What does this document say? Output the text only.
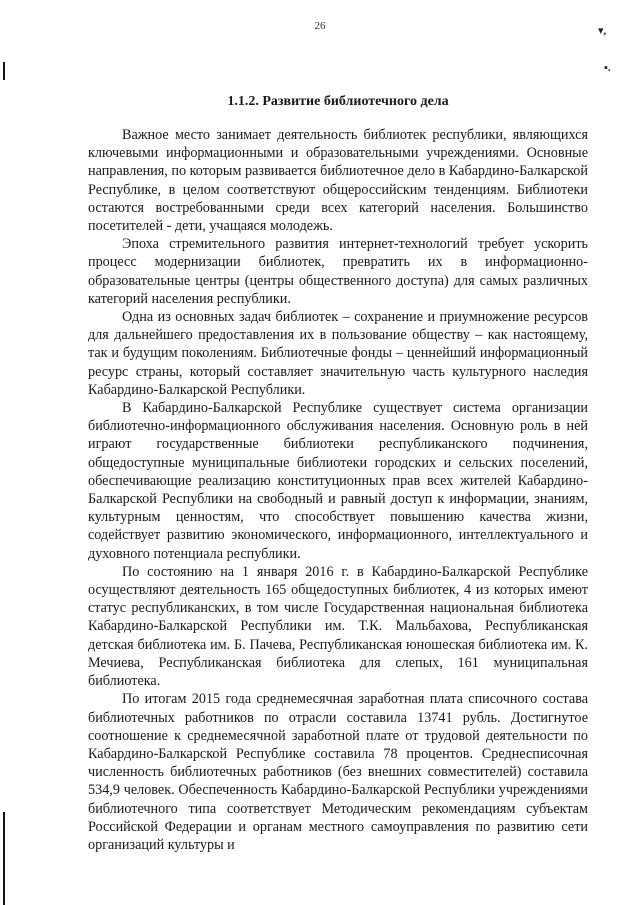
26	▾,
▪.
1.1.2. Развитие библиотечного дела

Важное место занимает деятельность библиотек республики, являющихся ключевыми информационными и образовательными учреждениями. Основные направления, по которым развивается библиотечное дело в Кабардино-Балкарской Республике, в целом соответствуют общероссийским тенденциям. Библиотеки остаются востребованными среди всех категорий населения. Большинство посетителей - дети, учащаяся молодежь.

Эпоха стремительного развития интернет-технологий требует ускорить процесс модернизации библиотек, превратить их в информационно-образовательные центры (центры общественного доступа) для самых различных категорий населения республики.

Одна из основных задач библиотек – сохранение и приумножение ресурсов для дальнейшего предоставления их в пользование обществу – как настоящему, так и будущим поколениям. Библиотечные фонды – ценнейший информационный ресурс страны, который составляет значительную часть культурного наследия Кабардино-Балкарской Республики.

В Кабардино-Балкарской Республике существует система организации библиотечно-информационного обслуживания населения. Основную роль в ней играют государственные библиотеки республиканского подчинения, общедоступные муниципальные библиотеки городских и сельских поселений, обеспечивающие реализацию конституционных прав всех жителей Кабардино-Балкарской Республики на свободный и равный доступ к информации, знаниям, культурным ценностям, что способствует повышению качества жизни, содействует развитию экономического, информационного, интеллектуального и духовного потенциала республики.

По состоянию на 1 января 2016 г. в Кабардино-Балкарской Республике осуществляют деятельность 165 общедоступных библиотек, 4 из которых имеют статус республиканских, в том числе Государственная национальная библиотека Кабардино-Балкарской Республики им. Т.К. Мальбахова, Республиканская детская библиотека им. Б. Пачева, Республиканская юношеская библиотека им. К. Мечиева, Республиканская библиотека для слепых, 161 муниципальная библиотека.

По итогам 2015 года среднемесячная заработная плата списочного состава библиотечных работников по отрасли составила 13741 рубль. Достигнутое соотношение к среднемесячной заработной плате от трудовой деятельности по Кабардино-Балкарской Республике составила 78 процентов. Среднесписочная численность библиотечных работников (без внешних совместителей) составила 534,9 человек. Обеспеченность Кабардино-Балкарской Республики учреждениями библиотечного типа соответствует Методическим рекомендациям субъектам Российской Федерации и органам местного самоуправления по развитию сети организаций культуры и
